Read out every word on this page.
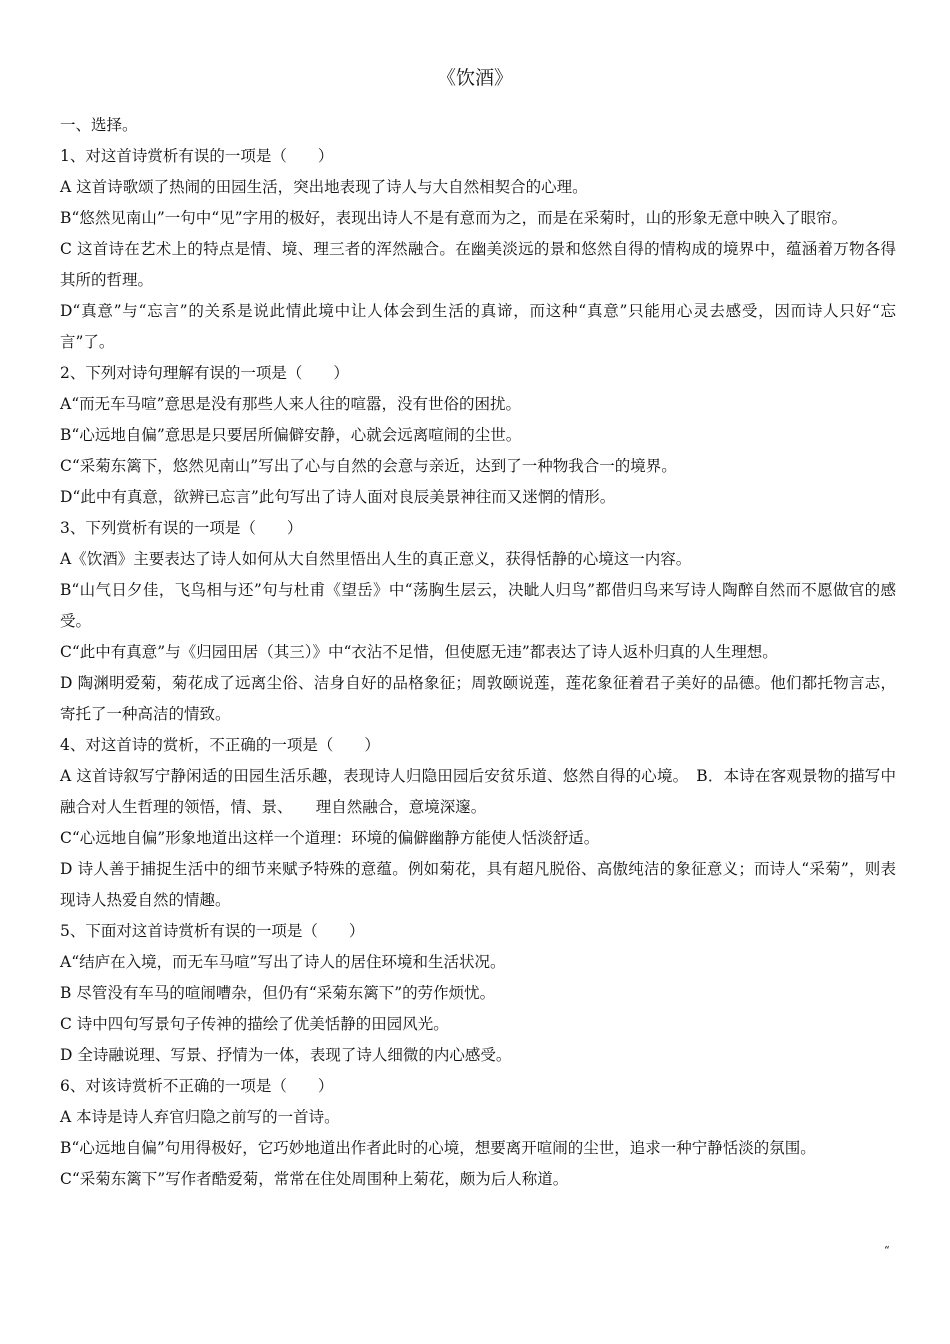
《饮酒》
一、选择。
1、对这首诗赏析有误的一项是（　　）
A 这首诗歌颂了热闹的田园生活，突出地表现了诗人与大自然相契合的心理。
B“悠然见南山”一句中“见”字用的极好，表现出诗人不是有意而为之，而是在采菊时，山的形象无意中映入了眼帘。
C 这首诗在艺术上的特点是情、境、理三者的浑然融合。在幽美淡远的景和悠然自得的情构成的境界中，蕴涵着万物各得其所的哲理。
D“真意”与“忘言”的关系是说此情此境中让人体会到生活的真谛，而这种“真意”只能用心灵去感受，因而诗人只好“忘言”了。
2、下列对诗句理解有误的一项是（　　）
A“而无车马喧”意思是没有那些人来人往的喧嚣，没有世俗的困扰。
B“心远地自偏”意思是只要居所偏僻安静，心就会远离喧闹的尘世。
C“采菊东篱下，悠然见南山”写出了心与自然的会意与亲近，达到了一种物我合一的境界。
D“此中有真意，欲辨已忘言”此句写出了诗人面对良辰美景神往而又迷惘的情形。
3、下列赏析有误的一项是（　　）
A《饮酒》主要表达了诗人如何从大自然里悟出人生的真正意义，获得恬静的心境这一内容。
B“山气日夕佳，飞鸟相与还”句与杜甫《望岳》中“荡胸生层云，决眦人归鸟”都借归鸟来写诗人陶醉自然而不愿做官的感受。
C“此中有真意”与《归园田居（其三）》中“衣沾不足惜，但使愿无违”都表达了诗人返朴归真的人生理想。
D 陶渊明爱菊，菊花成了远离尘俗、洁身自好的品格象征；周敦颐说莲，莲花象征着君子美好的品德。他们都托物言志，寄托了一种高洁的情致。
4、对这首诗的赏析，不正确的一项是（　　）
A 这首诗叙写宁静闲适的田园生活乐趣，表现诗人归隐田园后安贫乐道、悠然自得的心境。　B．本诗在客观景物的描写中融合对人生哲理的领悟，情、景、　　理自然融合，意境深邃。
C“心远地自偏”形象地道出这样一个道理：环境的偏僻幽静方能使人恬淡舒适。
D 诗人善于捕捉生活中的细节来赋予特殊的意蕴。例如菊花，具有超凡脱俗、高傲纯洁的象征意义；而诗人“采菊”，则表现诗人热爱自然的情趣。
5、下面对这首诗赏析有误的一项是（　　）
A“结庐在入境，而无车马喧”写出了诗人的居住环境和生活状况。
B 尽管没有车马的喧闹嘈杂，但仍有“采菊东篱下”的劳作烦忧。
C 诗中四句写景句子传神的描绘了优美恬静的田园风光。
D 全诗融说理、写景、抒情为一体，表现了诗人细微的内心感受。
6、对该诗赏析不正确的一项是（　　）
A 本诗是诗人弃官归隐之前写的一首诗。
B“心远地自偏”句用得极好，它巧妙地道出作者此时的心境，想要离开喧闹的尘世，追求一种宁静恬淡的氛围。
C“采菊东篱下”写作者酷爱菊，常常在住处周围种上菊花，颇为后人称道。
“
